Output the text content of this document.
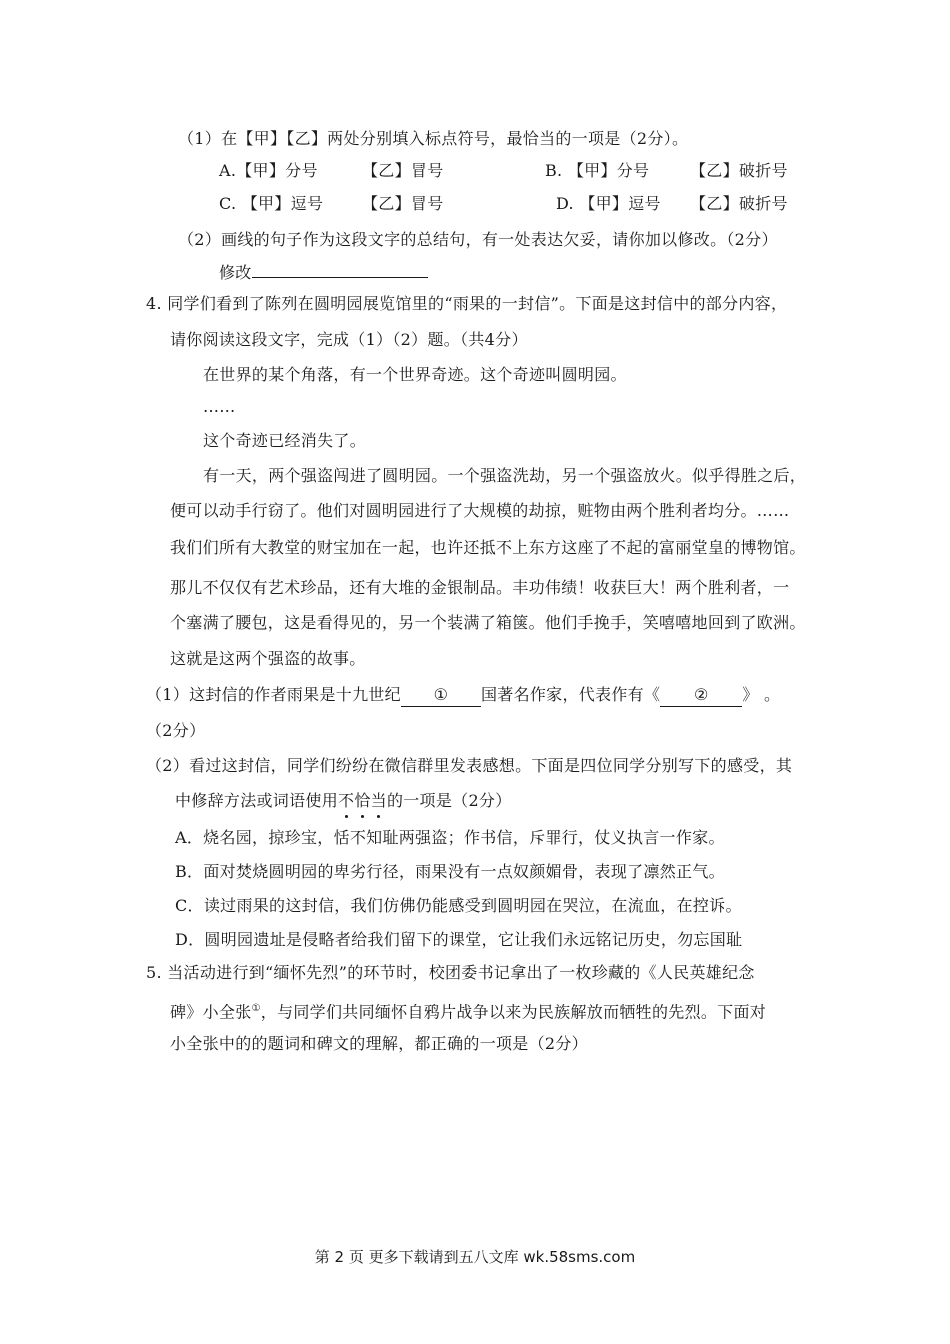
（1）在【甲】【乙】两处分别填入标点符号，最恰当的一项是（2分）。
A.【甲】分号	【乙】冒号	B. 【甲】分号	【乙】破折号
C. 【甲】逗号 【乙】冒号	D. 【甲】逗号 【乙】破折号
（2）画线的句子作为这段文字的总结句，有一处表达欠妥，请你加以修改。（2分）
修改
4. 同学们看到了陈列在圆明园展览馆里的“雨果的一封信”。下面是这封信中的部分内容，
请你阅读这段文字，完成（1）（2）题。（共4分）
在世界的某个角落，有一个世界奇迹。这个奇迹叫圆明园。
……
这个奇迹已经消失了。
有一天，两个强盗闯进了圆明园。一个强盗洗劫，另一个强盗放火。似乎得胜之后，
便可以动手行窃了。他们对圆明园进行了大规模的劫掠，赃物由两个胜利者均分。……
我们们所有大教堂的财宝加在一起，也许还抵不上东方这座了不起的富丽堂皇的博物馆。
那儿不仅仅有艺术珍品，还有大堆的金银制品。丰功伟绩！收获巨大！两个胜利者，一
个塞满了腰包，这是看得见的，另一个装满了箱箧。他们手挽手，笑嘻嘻地回到了欧洲。
这就是这两个强盗的故事。
（1）这封信的作者雨果是十九世纪 ① 国著名作家，代表作有《 ② 》 。
（2分）
（2）看过这封信，同学们纷纷在微信群里发表感想。下面是四位同学分别写下的感受，其
中修辞方法或词语使用不恰当的一项是（2分）
A．烧名园，掠珍宝，恬不知耻两强盗；作书信，斥罪行，仗义执言一作家。
B．面对焚烧圆明园的卑劣行径，雨果没有一点奴颜媚骨，表现了凛然正气。
C．读过雨果的这封信，我们仿佛仍能感受到圆明园在哭泣，在流血，在控诉。
D．圆明园遗址是侵略者给我们留下的课堂，它让我们永远铭记历史，勿忘国耻
5. 当活动进行到“缅怀先烈”的环节时，校团委书记拿出了一枚珍藏的《人民英雄纪念
碑》小全张①，与同学们共同缅怀自鸦片战争以来为民族解放而牺牲的先烈。下面对
小全张中的的题词和碑文的理解，都正确的一项是（2分）
第 2 页 更多下载请到五八文库 wk.58sms.com
